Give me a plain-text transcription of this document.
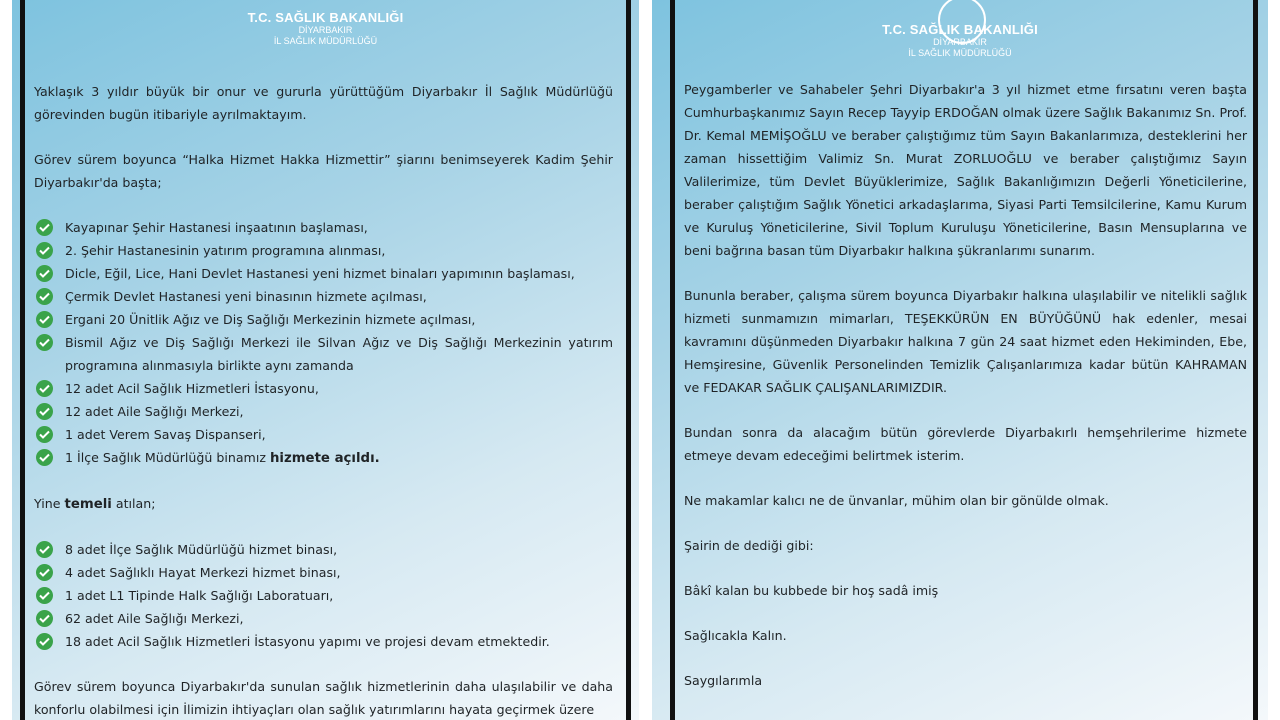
T.C. SAĞLIK BAKANLIĞI
DİYARBAKIR
İL SAĞLIK MÜDÜRLÜĞÜ

Yaklaşık 3 yıldır büyük bir onur ve gururla yürüttüğüm Diyarbakır İl Sağlık Müdürlüğü görevinden bugün itibariyle ayrılmaktayım.

Görev sürem boyunca “Halka Hizmet Hakka Hizmettir” şiarını benimseyerek Kadim Şehir Diyarbakır'da başta;

Kayapınar Şehir Hastanesi inşaatının başlaması,
2. Şehir Hastanesinin yatırım programına alınması,
Dicle, Eğil, Lice, Hani Devlet Hastanesi yeni hizmet binaları yapımının başlaması,
Çermik Devlet Hastanesi yeni binasının hizmete açılması,
Ergani 20 Ünitlik Ağız ve Diş Sağlığı Merkezinin hizmete açılması,
Bismil Ağız ve Diş Sağlığı Merkezi ile Silvan Ağız ve Diş Sağlığı Merkezinin yatırım programına alınmasıyla birlikte aynı zamanda
12 adet Acil Sağlık Hizmetleri İstasyonu,
12 adet Aile Sağlığı Merkezi,
1 adet Verem Savaş Dispanseri,
1 İlçe Sağlık Müdürlüğü binamız hizmete açıldı.

Yine temeli atılan;

8 adet İlçe Sağlık Müdürlüğü hizmet binası,
4 adet Sağlıklı Hayat Merkezi hizmet binası,
1 adet L1 Tipinde Halk Sağlığı Laboratuarı,
62 adet Aile Sağlığı Merkezi,
18 adet Acil Sağlık Hizmetleri İstasyonu yapımı ve projesi devam etmektedir.

Görev sürem boyunca Diyarbakır'da sunulan sağlık hizmetlerinin daha ulaşılabilir ve daha konforlu olabilmesi için İlimizin ihtiyaçları olan sağlık yatırımlarını hayata geçirmek üzere

T.C. SAĞLIK BAKANLIĞI
DİYARBAKIR
İL SAĞLIK MÜDÜRLÜĞÜ

Peygamberler ve Sahabeler Şehri Diyarbakır'a 3 yıl hizmet etme fırsatını veren başta Cumhurbaşkanımız Sayın Recep Tayyip ERDOĞAN olmak üzere Sağlık Bakanımız Sn. Prof. Dr. Kemal MEMİŞOĞLU ve beraber çalıştığımız tüm Sayın Bakanlarımıza, desteklerini her zaman hissettiğim Valimiz Sn. Murat ZORLUOĞLU ve beraber çalıştığımız Sayın Valilerimize, tüm Devlet Büyüklerimize, Sağlık Bakanlığımızın Değerli Yöneticilerine, beraber çalıştığım Sağlık Yönetici arkadaşlarıma, Siyasi Parti Temsilcilerine, Kamu Kurum ve Kuruluş Yöneticilerine, Sivil Toplum Kuruluşu Yöneticilerine, Basın Mensuplarına ve beni bağrına basan tüm Diyarbakır halkına şükranlarımı sunarım.

Bununla beraber, çalışma sürem boyunca Diyarbakır halkına ulaşılabilir ve nitelikli sağlık hizmeti sunmamızın mimarları, TEŞEKKÜRÜN EN BÜYÜĞÜNÜ hak edenler, mesai kavramını düşünmeden Diyarbakır halkına 7 gün 24 saat hizmet eden Hekiminden, Ebe, Hemşiresine, Güvenlik Personelinden Temizlik Çalışanlarımıza kadar bütün KAHRAMAN ve FEDAKAR SAĞLIK ÇALIŞANLARIMIZDIR.

Bundan sonra da alacağım bütün görevlerde Diyarbakırlı hemşehrilerime hizmete etmeye devam edeceğimi belirtmek isterim.

Ne makamlar kalıcı ne de ünvanlar, mühim olan bir gönülde olmak.

Şairin de dediği gibi:

Bâkî kalan bu kubbede bir hoş sadâ imiş

Sağlıcakla Kalın.

Saygılarımla
